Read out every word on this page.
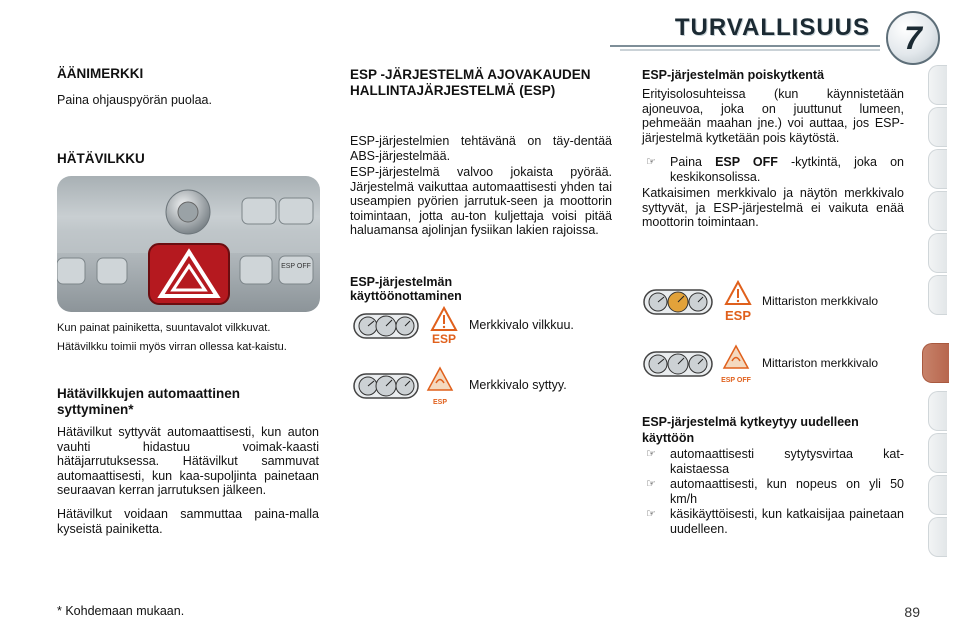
TURVALLISUUS	7
ÄÄNIMERKKI

Paina ohjauspyörän puolaa.

HÄTÄVILKKU
ESP OFF

Kun painat painiketta, suuntavalot vilkkuvat.

Hätävilkku toimii myös virran ollessa kat-kaistu.

Hätävilkkujen automaattinen syttyminen*

Hätävilkut syttyvät automaattisesti, kun auton vauhti hidastuu voimak-kaasti hätäjarrutuksessa. Hätävilkut sammuvat automaattisesti, kun kaa-supoljinta painetaan seuraavan kerran jarrutuksen jälkeen.

Hätävilkut voidaan sammuttaa paina-malla kyseistä painiketta.

* Kohdemaan mukaan.

ESP -JÄRJESTELMÄ AJOVAKAUDEN HALLINTAJÄRJESTELMÄ (ESP)

ESP-järjestelmien tehtävänä on täy-dentää ABS-järjestelmää.

ESP-järjestelmä valvoo jokaista pyörää. Järjestelmä vaikuttaa automaattisesti yhden tai useampien pyörien jarrutuk-seen ja moottorin toimintaan, jotta au-ton kuljettaja voisi pitää haluamansa ajolinjan fysiikan lakien rajoissa.

ESP-järjestelmän käyttöönottaminen
ESP
Merkkivalo vilkkuu.
ESP
Merkkivalo syttyy.
ESP-järjestelmän poiskytkentä

Erityisolosuhteissa (kun käynnistetään ajoneuvoa, joka on juuttunut lumeen, pehmeään maahan jne.) voi auttaa, jos ESP-järjestelmä kytketään pois käytöstä.

☞	Paina ESP OFF -kytkintä, joka on keskikonsolissa.

Katkaisimen merkkivalo ja näytön merkkivalo syttyvät, ja ESP-järjestelmä ei vaikuta enää moottorin toimintaan.

ESP
Mittariston merkkivalo
ESP OFF
Mittariston merkkivalo
ESP-järjestelmä kytkeytyy uudelleen käyttöön
☞	automaattisesti sytytysvirtaa kat-kaistaessa
☞	automaattisesti, kun nopeus on yli 50 km/h
☞	käsikäyttöisesti, kun katkaisijaa painetaan uudelleen.
89
